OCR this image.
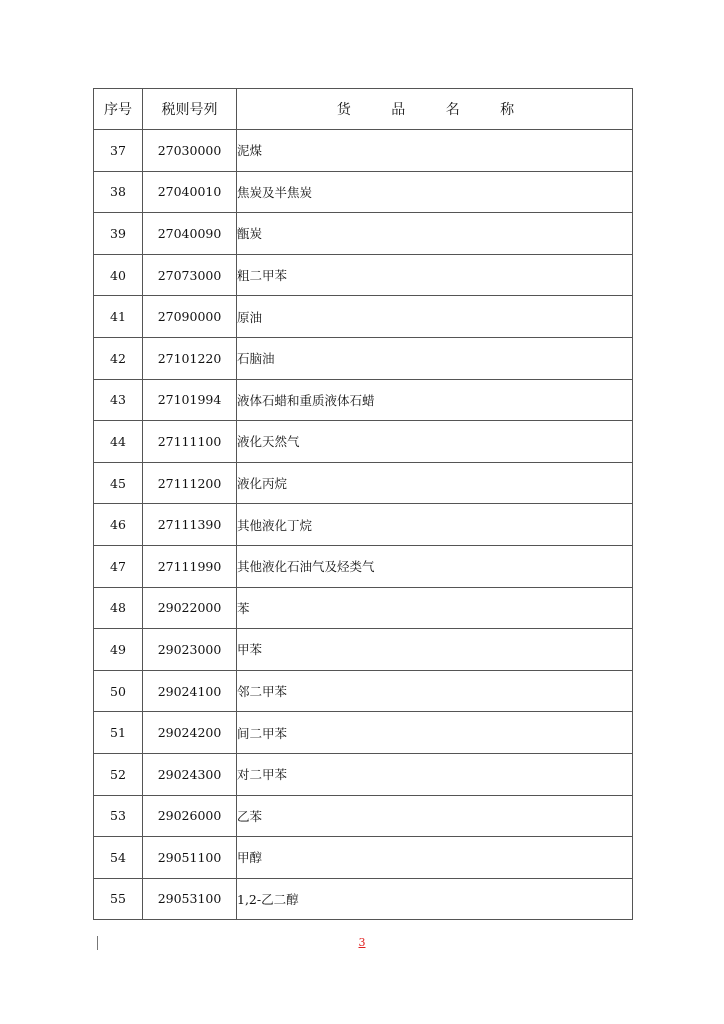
序号	税则号列	货 品 名 称
37	27030000	泥煤
38	27040010	焦炭及半焦炭
39	27040090	甑炭
40	27073000	粗二甲苯
41	27090000	原油
42	27101220	石脑油
43	27101994	液体石蜡和重质液体石蜡
44	27111100	液化天然气
45	27111200	液化丙烷
46	27111390	其他液化丁烷
47	27111990	其他液化石油气及烃类气
48	29022000	苯
49	29023000	甲苯
50	29024100	邻二甲苯
51	29024200	间二甲苯
52	29024300	对二甲苯
53	29026000	乙苯
54	29051100	甲醇
55	29053100	1,2-乙二醇
3
